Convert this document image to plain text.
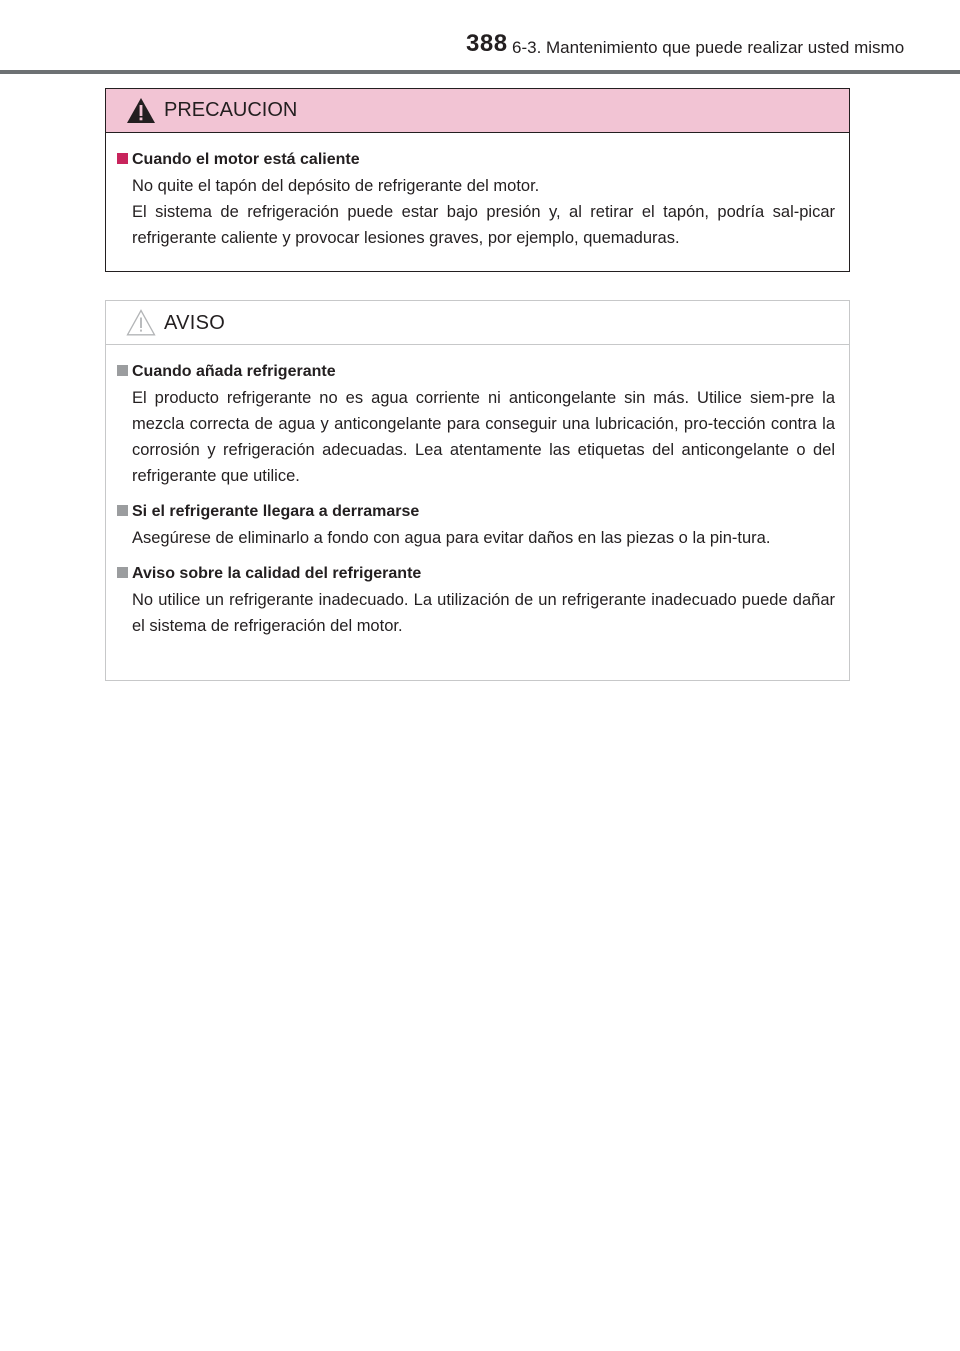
388 6-3. Mantenimiento que puede realizar usted mismo
PRECAUCION
Cuando el motor está caliente

No quite el tapón del depósito de refrigerante del motor.

El sistema de refrigeración puede estar bajo presión y, al retirar el tapón, podría sal-picar refrigerante caliente y provocar lesiones graves, por ejemplo, quemaduras.

AVISO
Cuando añada refrigerante

El producto refrigerante no es agua corriente ni anticongelante sin más. Utilice siem-pre la mezcla correcta de agua y anticongelante para conseguir una lubricación, pro-tección contra la corrosión y refrigeración adecuadas. Lea atentamente las etiquetas del anticongelante o del refrigerante que utilice.

Si el refrigerante llegara a derramarse

Asegúrese de eliminarlo a fondo con agua para evitar daños en las piezas o la pin-tura.

Aviso sobre la calidad del refrigerante

No utilice un refrigerante inadecuado. La utilización de un refrigerante inadecuado puede dañar el sistema de refrigeración del motor.
